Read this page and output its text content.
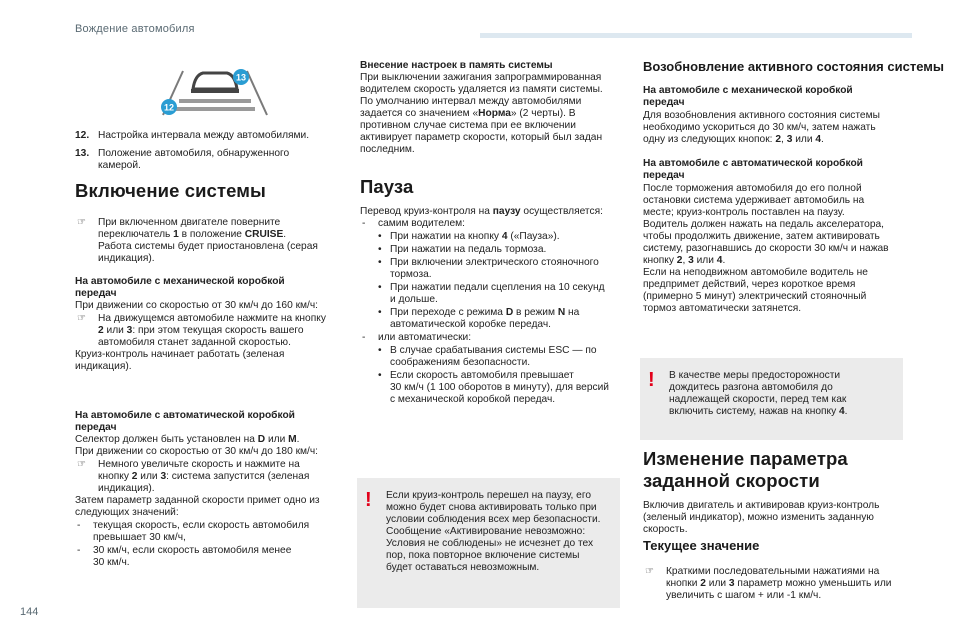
Вождение автомобиля
13
12
12. Настройка интервала между автомобилями.
13. Положение автомобиля, обнаруженного
камерой.
Включение системы
☞ При включенном двигателе поверните
переключатель 1 в положение CRUISE.
Работа системы будет приостановлена (серая
индикация).
На автомобиле с механической коробкой
передач
При движении со скоростью от 30 км/ч до 160 км/ч:
☞ На движущемся автомобиле нажмите на кнопку
2 или 3: при этом текущая скорость вашего
автомобиля станет заданной скоростью.
Круиз-контроль начинает работать (зеленая
индикация).
На автомобиле с автоматической коробкой
передач
Селектор должен быть установлен на D или M.
При движении со скоростью от 30 км/ч до 180 км/ч:
☞ Немного увеличьте скорость и нажмите на
кнопку 2 или 3: система запустится (зеленая
индикация).
Затем параметр заданной скорости примет одно из
следующих значений:
- текущая скорость, если скорость автомобиля
превышает 30 км/ч,
- 30 км/ч, если скорость автомобиля менее
30 км/ч.
Внесение настроек в память системы
При выключении зажигания запрограммированная
водителем скорость удаляется из памяти системы.
По умолчанию интервал между автомобилями
задается со значением «Норма» (2 черты). В
противном случае система при ее включении
активирует параметр скорости, который был задан
последним.
Пауза
Перевод круиз-контроля на паузу осуществляется:
- самим водителем:
• При нажатии на кнопку 4 («Пауза»).
• При нажатии на педаль тормоза.
• При включении электрического стояночного
тормоза.
• При нажатии педали сцепления на 10 секунд
и дольше.
• При переходе с режима D в режим N на
автоматической коробке передач.
- или автоматически:
• В случае срабатывания системы ESC — по
соображениям безопасности.
• Если скорость автомобиля превышает
30 км/ч (1 100 оборотов в минуту), для версий
с механической коробкой передач.
! Если круиз-контроль перешел на паузу, его
можно будет снова активировать только при
условии соблюдения всех мер безопасности.
Сообщение «Активирование невозможно:
Условия не соблюдены» не исчезнет до тех
пор, пока повторное включение системы
будет оставаться невозможным.
Возобновление активного состояния системы
На автомобиле с механической коробкой
передач
Для возобновления активного состояния системы
необходимо ускориться до 30 км/ч, затем нажать
одну из следующих кнопок: 2, 3 или 4.
На автомобиле с автоматической коробкой
передач
После торможения автомобиля до его полной
остановки система удерживает автомобиль на
месте; круиз-контроль поставлен на паузу.
Водитель должен нажать на педаль акселератора,
чтобы продолжить движение, затем активировать
систему, разогнавшись до скорости 30 км/ч и нажав
кнопку 2, 3 или 4.
Если на неподвижном автомобиле водитель не
предпримет действий, через короткое время
(примерно 5 минут) электрический стояночный
тормоз автоматически затянется.
! В качестве меры предосторожности
дождитесь разгона автомобиля до
надлежащей скорости, перед тем как
включить систему, нажав на кнопку 4.
Изменение параметра
заданной скорости
Включив двигатель и активировав круиз-контроль
(зеленый индикатор), можно изменить заданную
скорость.
Текущее значение
☞ Краткими последовательными нажатиями на
кнопки 2 или 3 параметр можно уменьшить или
увеличить с шагом + или -1 км/ч.
144
